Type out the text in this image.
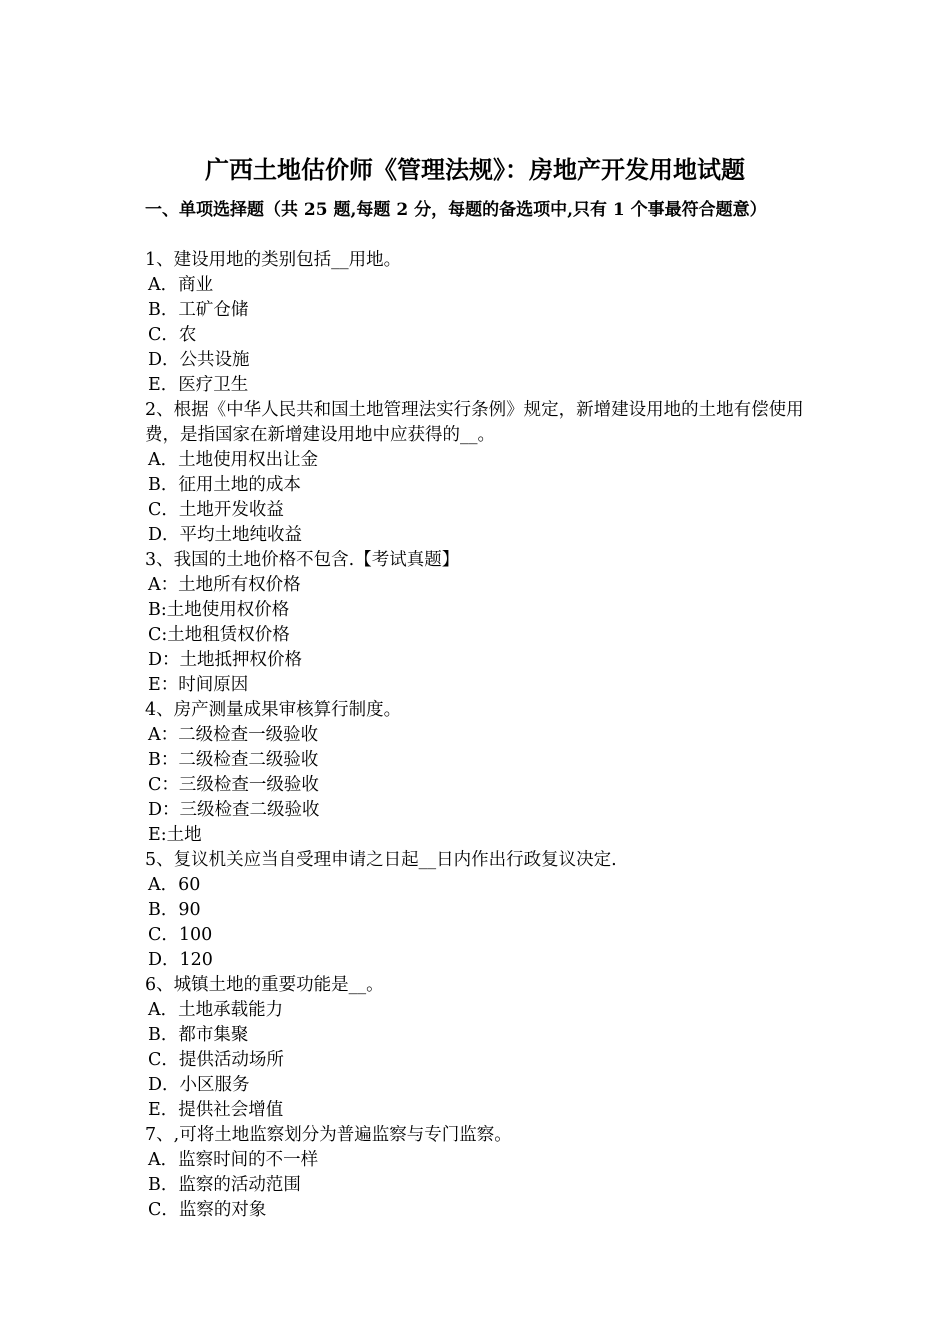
广西土地估价师《管理法规》：房地产开发用地试题
一、单项选择题（共 25 题,每题 2 分，每题的备选项中,只有 1 个事最符合题意）

1、建设用地的类别包括__用地。

A．商业

B．工矿仓储

C．农

D．公共设施

E．医疗卫生

2、根据《中华人民共和国土地管理法实行条例》规定，新增建设用地的土地有偿使用费，是指国家在新增建设用地中应获得的__。

A．土地使用权出让金

B．征用土地的成本

C．土地开发收益

D．平均土地纯收益

3、我国的土地价格不包含.【考试真题】

A：土地所有权价格

B:土地使用权价格

C:土地租赁权价格

D：土地抵押权价格

E：时间原因

4、房产测量成果审核算行制度。

A：二级检查一级验收

B：二级检查二级验收

C：三级检查一级验收

D：三级检查二级验收

E:土地

5、复议机关应当自受理申请之日起__日内作出行政复议决定.

A．60

B．90

C．100

D．120

6、城镇土地的重要功能是__。

A．土地承载能力

B．都市集聚

C．提供活动场所

D．小区服务

E．提供社会增值

7、,可将土地监察划分为普遍监察与专门监察。

A．监察时间的不一样

B．监察的活动范围

C．监察的对象
